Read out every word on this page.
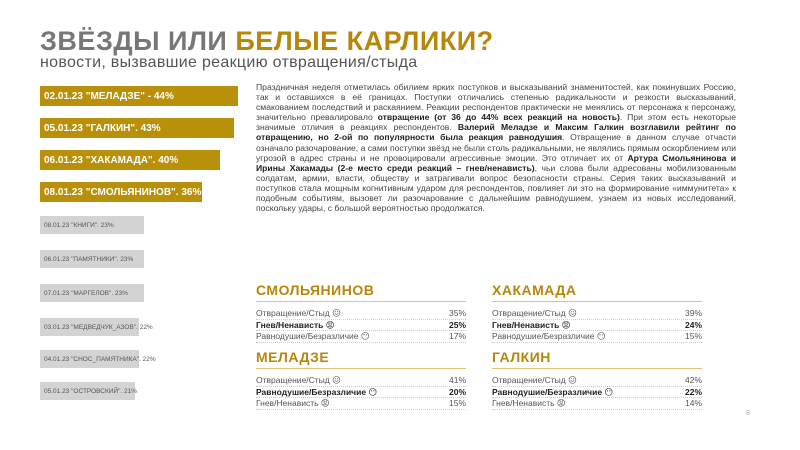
ЗВЁЗДЫ ИЛИ БЕЛЫЕ КАРЛИКИ?
новости, вызвавшие реакцию отвращения/стыда
02.01.23 "МЕЛАДЗЕ" - 44%
05.01.23 "ГАЛКИН". 43%
06.01.23 "ХАКАМАДА". 40%
08.01.23 "СМОЛЬЯНИНОВ". 36%
08.01.23 "КНИГИ". 23%
06.01.23 "ПАМЯТНИКИ". 23%
07.01.23 "МАРГЕЛОВ". 23%
03.01.23 "МЕДВЕДЧУК_АЗОВ". 22%
04.01.23 "СНОС_ПАМЯТНИКА". 22%
05.01.23 "ОСТРОВСКИЙ". 21%
Праздничная неделя отметилась обилием ярких поступков и высказываний знаменитостей, как покинувших Россию, так и оставшихся в её границах. Поступки отличались степенью радикальности и резкости высказываний, смакованием последствий и раскаянием. Реакции респондентов практически не менялись от персонажа к персонажу, значительно превалировало отвращение (от 36 до 44% всех реакций на новость). При этом есть некоторые значимые отличия в реакциях респондентов. Валерий Меладзе и Максим Галкин возглавили рейтинг по отвращению, но 2-ой по популярности была реакция равнодушия. Отвращение в данном случае отчасти означало разочарование, а сами поступки звёзд не были столь радикальными, не являлись прямым оскорблением или угрозой в адрес страны и не провоцировали агрессивные эмоции. Это отличает их от Артура Смольянинова и Ирины Хакамады (2-е место среди реакций – гнев/ненависть), чьи слова были адресованы мобилизованным солдатам, армии, власти, обществу и затрагивали вопрос безопасности страны. Серия таких высказываний и поступков стала мощным когнитивным ударом для респондентов, повлияет ли это на формирование «иммунитета» к подобным событиям, вызовет ли разочарование с дальнейшим равнодушием, узнаем из новых исследований, поскольку удары, с большой вероятностью продолжатся.
СМОЛЬЯНИНОВ
Отвращение/Стыд 😖	35%
Гнев/Ненависть 😡	25%
Равнодушие/Безразличие 😶	17%
ХАКАМАДА
Отвращение/Стыд 😖	39%
Гнев/Ненависть 😡	24%
Равнодушие/Безразличие 😶	15%
МЕЛАДЗЕ
Отвращение/Стыд 😖	41%
Равнодушие/Безразличие 😶	20%
Гнев/Ненависть 😡	15%
ГАЛКИН
Отвращение/Стыд 😖	42%
Равнодушие/Безразличие 😶	22%
Гнев/Ненависть 😡	14%
8
